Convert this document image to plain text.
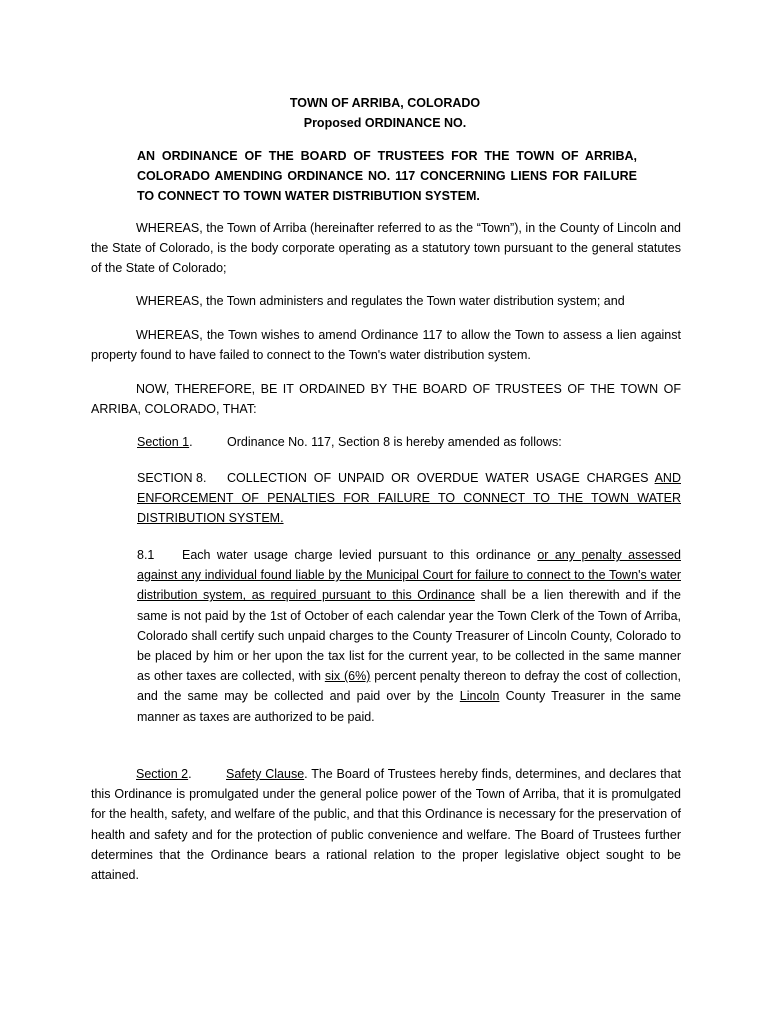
TOWN OF ARRIBA, COLORADO
Proposed ORDINANCE NO.
AN ORDINANCE OF THE BOARD OF TRUSTEES FOR THE TOWN OF ARRIBA,
COLORADO AMENDING ORDINANCE NO. 117 CONCERNING LIENS FOR FAILURE
TO CONNECT TO TOWN WATER DISTRIBUTION SYSTEM.
WHEREAS, the Town of Arriba (hereinafter referred to as the “Town”), in the County of Lincoln and the State of Colorado, is the body corporate operating as a statutory town pursuant to the general statutes of the State of Colorado;
WHEREAS, the Town administers and regulates the Town water distribution system; and
WHEREAS, the Town wishes to amend Ordinance 117 to allow the Town to assess a lien against property found to have failed to connect to the Town's water distribution system.
NOW, THEREFORE, BE IT ORDAINED BY THE BOARD OF TRUSTEES OF THE TOWN OF ARRIBA, COLORADO, THAT:
Section 1.	Ordinance No. 117, Section 8 is hereby amended as follows:
SECTION 8. COLLECTION OF UNPAID OR OVERDUE WATER USAGE CHARGES AND ENFORCEMENT OF PENALTIES FOR FAILURE TO CONNECT TO THE TOWN WATER DISTRIBUTION SYSTEM.
8.1 Each water usage charge levied pursuant to this ordinance or any penalty assessed against any individual found liable by the Municipal Court for failure to connect to the Town's water distribution system, as required pursuant to this Ordinance shall be a lien therewith and if the same is not paid by the 1st of October of each calendar year the Town Clerk of the Town of Arriba, Colorado shall certify such unpaid charges to the County Treasurer of Lincoln County, Colorado to be placed by him or her upon the tax list for the current year, to be collected in the same manner as other taxes are collected, with six (6%) percent penalty thereon to defray the cost of collection, and the same may be collected and paid over by the Lincoln County Treasurer in the same manner as taxes are authorized to be paid.
Section 2.	Safety Clause. The Board of Trustees hereby finds, determines, and declares that this Ordinance is promulgated under the general police power of the Town of Arriba, that it is promulgated for the health, safety, and welfare of the public, and that this Ordinance is necessary for the preservation of health and safety and for the protection of public convenience and welfare. The Board of Trustees further determines that the Ordinance bears a rational relation to the proper legislative object sought to be attained.
